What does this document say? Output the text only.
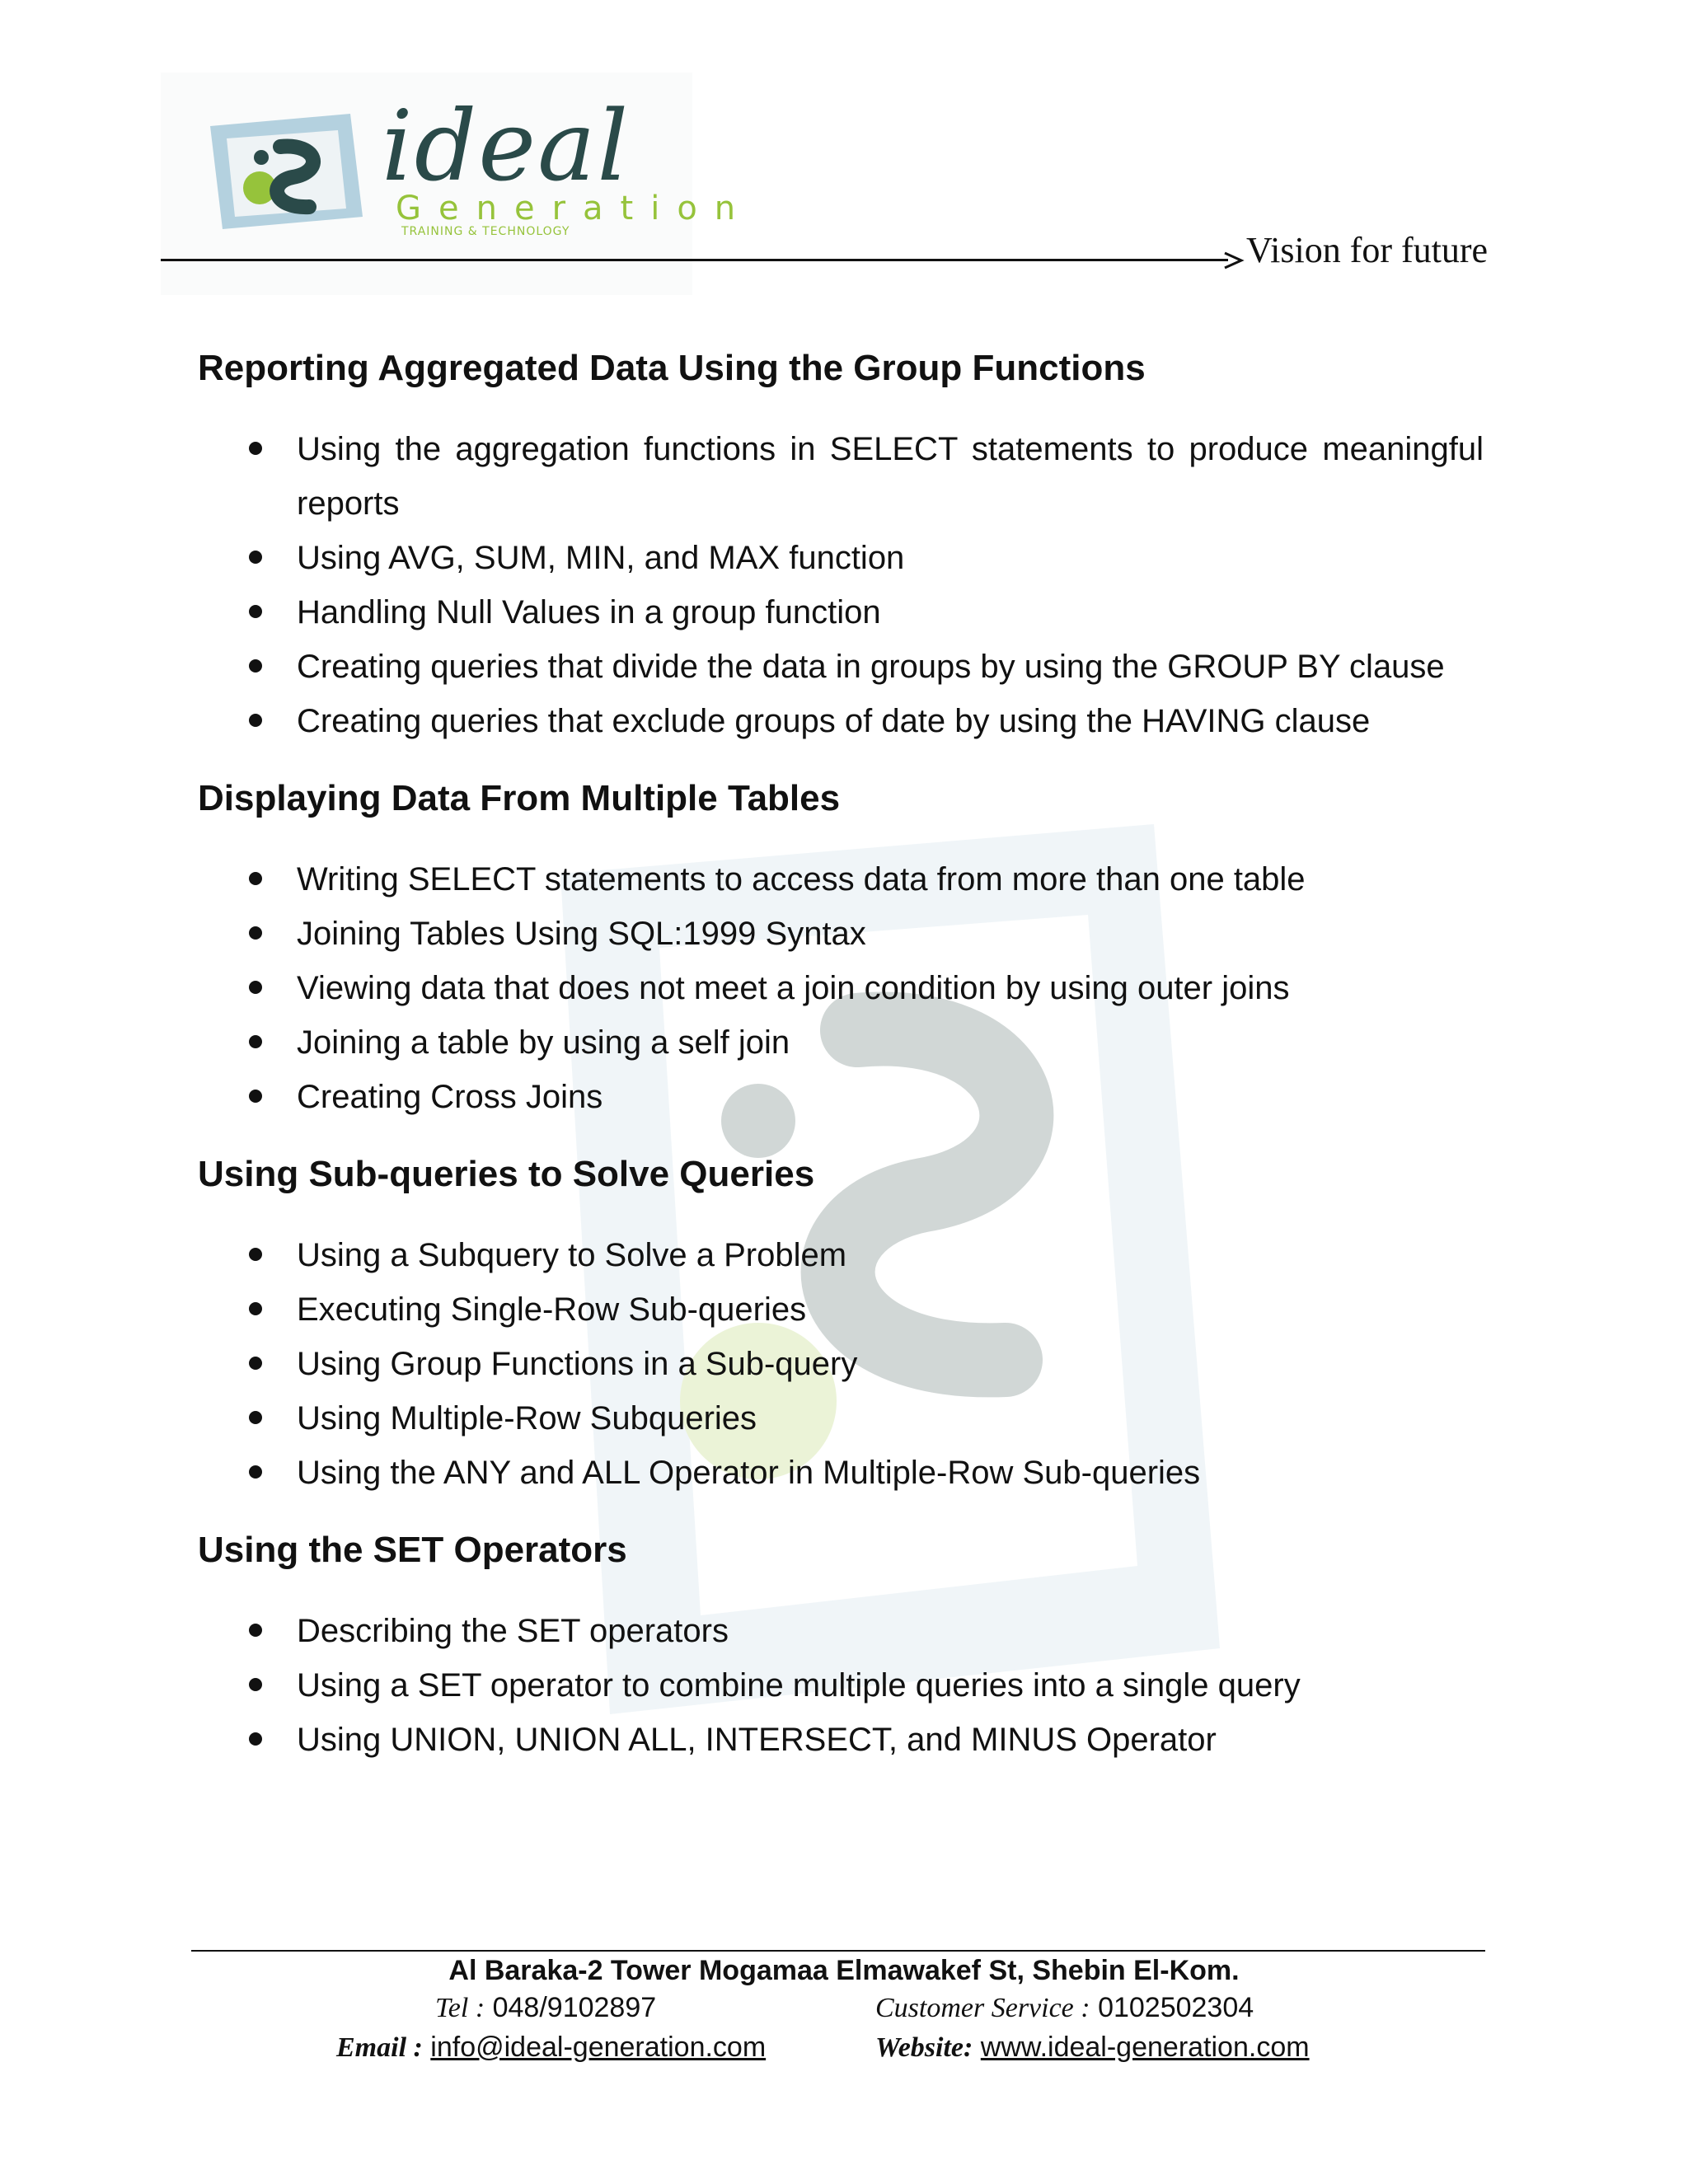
ideal
Generation
TRAINING & TECHNOLOGY	Vision for future
Reporting Aggregated Data Using the Group Functions
Using the aggregation functions in SELECT statements to produce meaningful reports
Using AVG, SUM, MIN, and MAX function
Handling Null Values in a group function
Creating queries that divide the data in groups by using the GROUP BY clause
Creating queries that exclude groups of date by using the HAVING clause
Displaying Data From Multiple Tables
Writing SELECT statements to access data from more than one table
Joining Tables Using SQL:1999 Syntax
Viewing data that does not meet a join condition by using outer joins
Joining a table by using a self join
Creating Cross Joins
Using Sub-queries to Solve Queries
Using a Subquery to Solve a Problem
Executing Single-Row Sub-queries
Using Group Functions in a Sub-query
Using Multiple-Row Subqueries
Using the ANY and ALL Operator in Multiple-Row Sub-queries
Using the SET Operators
Describing the SET operators
Using a SET operator to combine multiple queries into a single query
Using UNION, UNION ALL, INTERSECT, and MINUS Operator
Al Baraka-2 Tower Mogamaa Elmawakef St, Shebin El-Kom.
Tel : 048/9102897	Customer Service : 0102502304
Email : info@ideal-generation.com	Website: www.ideal-generation.com
